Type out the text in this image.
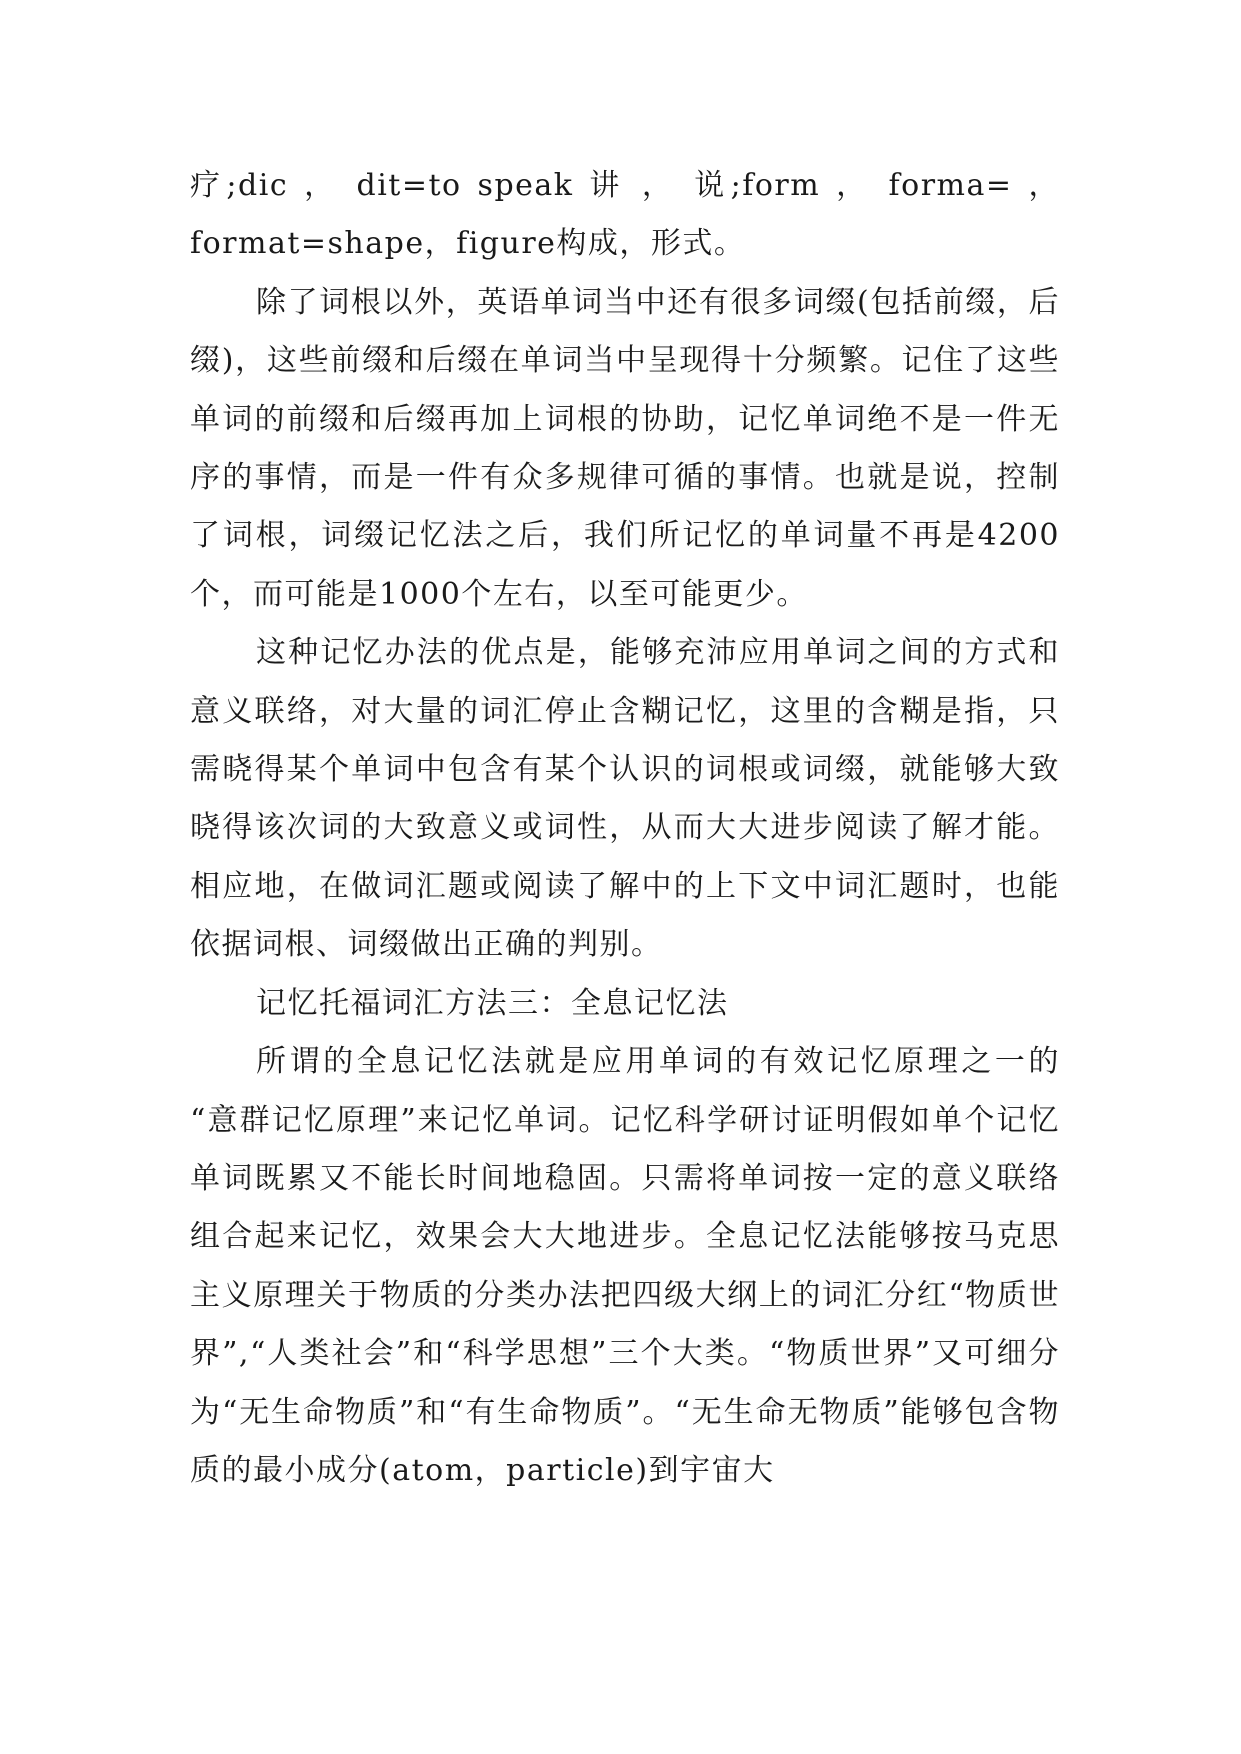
疗;dic ， dit=to speak 讲 ， 说;form ， forma= ， format=shape，figure构成，形式。

除了词根以外，英语单词当中还有很多词缀(包括前缀，后缀)，这些前缀和后缀在单词当中呈现得十分频繁。记住了这些单词的前缀和后缀再加上词根的协助，记忆单词绝不是一件无序的事情，而是一件有众多规律可循的事情。也就是说，控制了词根，词缀记忆法之后，我们所记忆的单词量不再是4200个，而可能是1000个左右，以至可能更少。

这种记忆办法的优点是，能够充沛应用单词之间的方式和意义联络，对大量的词汇停止含糊记忆，这里的含糊是指，只需晓得某个单词中包含有某个认识的词根或词缀，就能够大致晓得该次词的大致意义或词性，从而大大进步阅读了解才能。相应地，在做词汇题或阅读了解中的上下文中词汇题时，也能依据词根、词缀做出正确的判别。

记忆托福词汇方法三：全息记忆法

所谓的全息记忆法就是应用单词的有效记忆原理之一的 “意群记忆原理”来记忆单词。记忆科学研讨证明假如单个记忆单词既累又不能长时间地稳固。只需将单词按一定的意义联络组合起来记忆，效果会大大地进步。全息记忆法能够按马克思主义原理关于物质的分类办法把四级大纲上的词汇分红“物质世界”,“人类社会”和“科学思想”三个大类。“物质世界”又可细分为“无生命物质”和“有生命物质”。“无生命无物质”能够包含物质的最小成分(atom，particle)到宇宙大
